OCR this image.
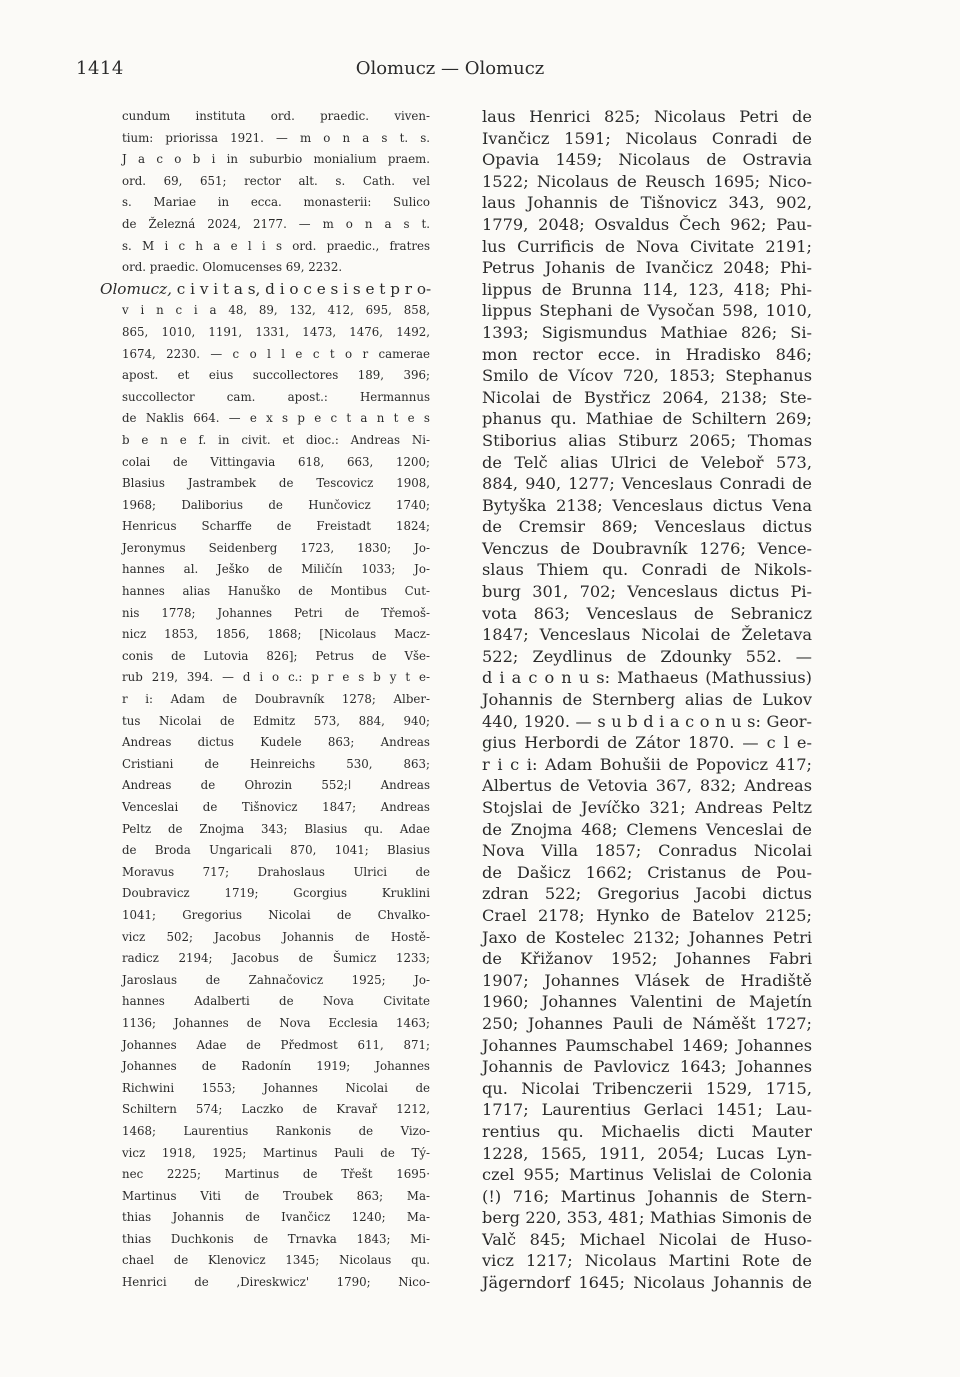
1414	Olomucz — Olomucz
cundum instituta ord. praedic. viven-
tium: priorissa 1921. — m o n a s t. s.
J a c o b i in suburbio monialium praem.
ord. 69, 651; rector alt. s. Cath. vel
s. Mariae in ecca. monasterii: Sulico
de Železná 2024, 2177. — m o n a s t.
s. M i c h a e l i s ord. praedic., fratres
ord. praedic. Olomucenses 69, 2232.
Olomucz, c i v i t a s, d i o c e s i s e t p r o-
v i n c i a 48, 89, 132, 412, 695, 858,
865, 1010, 1191, 1331, 1473, 1476, 1492,
1674, 2230. — c o l l e c t o r camerae
apost. et eius succollectores 189, 396;
succollector cam. apost.: Hermannus
de Naklis 664. — e x s p e c t a n t e s
b e n e f. in civit. et dioc.: Andreas Ni-
colai de Vittingavia 618, 663, 1200;
Blasius Jastrambek de Tescovicz 1908,
1968; Daliborius de Hunčovicz 1740;
Henricus Scharffe de Freistadt 1824;
Jeronymus Seidenberg 1723, 1830; Jo-
hannes al. Ješko de Miličín 1033; Jo-
hannes alias Hanuško de Montibus Cut-
nis 1778; Johannes Petri de Třemoš-
nicz 1853, 1856, 1868; [Nicolaus Macz-
conis de Lutovia 826]; Petrus de Vše-
rub 219, 394. — d i o c.: p r e s b y t e-
r i: Adam de Doubravník 1278; Alber-
tus Nicolai de Edmitz 573, 884, 940;
Andreas dictus Kudele 863; Andreas
Cristiani de Heinreichs 530, 863;
Andreas de Ohrozin 552;ǀ Andreas
Venceslai de Tišnovicz 1847; Andreas
Peltz de Znojma 343; Blasius qu. Adae
de Broda Ungaricali 870, 1041; Blasius
Moravus 717; Drahoslaus Ulrici de
Doubravicz 1719; Gcorgius Kruklini
1041; Gregorius Nicolai de Chvalko-
vicz 502; Jacobus Johannis de Hostě-
radicz 2194; Jacobus de Šumicz 1233;
Jaroslaus de Zahnačovicz 1925; Jo-
hannes Adalberti de Nova Civitate
1136; Johannes de Nova Ecclesia 1463;
Johannes Adae de Předmost 611, 871;
Johannes de Radonín 1919; Johannes
Richwini 1553; Johannes Nicolai de
Schiltern 574; Laczko de Kravař 1212,
1468; Laurentius Rankonis de Vizo-
vicz 1918, 1925; Martinus Pauli de Tý-
nec 2225; Martinus de Třešt 1695·
Martinus Viti de Troubek 863; Ma-
thias Johannis de Ivančicz 1240; Ma-
thias Duchkonis de Trnavka 1843; Mi-
chael de Klenovicz 1345; Nicolaus qu.
Henrici de ‚Direskwicz' 1790; Nico-
laus Henrici 825; Nicolaus Petri de
Ivančicz 1591; Nicolaus Conradi de
Opavia 1459; Nicolaus de Ostravia
1522; Nicolaus de Reusch 1695; Nico-
laus Johannis de Tišnovicz 343, 902,
1779, 2048; Osvaldus Čech 962; Pau-
lus Currificis de Nova Civitate 2191;
Petrus Johanis de Ivančicz 2048; Phi-
lippus de Brunna 114, 123, 418; Phi-
lippus Stephani de Vysočan 598, 1010,
1393; Sigismundus Mathiae 826; Si-
mon rector ecce. in Hradisko 846;
Smilo de Vícov 720, 1853; Stephanus
Nicolai de Bystřicz 2064, 2138; Ste-
phanus qu. Mathiae de Schiltern 269;
Stiborius alias Stiburz 2065; Thomas
de Telč alias Ulrici de Veleboř 573,
884, 940, 1277; Venceslaus Conradi de
Bytyška 2138; Venceslaus dictus Vena
de Cremsir 869; Venceslaus dictus
Venczus de Doubravník 1276; Vence-
slaus Thiem qu. Conradi de Nikols-
burg 301, 702; Venceslaus dictus Pi-
vota 863; Venceslaus de Sebranicz
1847; Venceslaus Nicolai de Želetava
522; Zeydlinus de Zdounky 552. —
d i a c o n u s: Mathaeus (Mathussius)
Johannis de Sternberg alias de Lukov
440, 1920. — s u b d i a c o n u s: Geor-
gius Herbordi de Zátor 1870. — c l e-
r i c i: Adam Bohušii de Popovicz 417;
Albertus de Vetovia 367, 832; Andreas
Stojslai de Jevíčko 321; Andreas Peltz
de Znojma 468; Clemens Venceslai de
Nova Villa 1857; Conradus Nicolai
de Dašicz 1662; Cristanus de Pou-
zdran 522; Gregorius Jacobi dictus
Crael 2178; Hynko de Batelov 2125;
Jaxo de Kostelec 2132; Johannes Petri
de Křižanov 1952; Johannes Fabri
1907; Johannes Vlásek de Hradiště
1960; Johannes Valentini de Majetín
250; Johannes Pauli de Náměšt 1727;
Johannes Paumschabel 1469; Johannes
Johannis de Pavlovicz 1643; Johannes
qu. Nicolai Tribenczerii 1529, 1715,
1717; Laurentius Gerlaci 1451; Lau-
rentius qu. Michaelis dicti Mauter
1228, 1565, 1911, 2054; Lucas Lyn-
czel 955; Martinus Velislai de Colonia
(!) 716; Martinus Johannis de Stern-
berg 220, 353, 481; Mathias Simonis de
Valč 845; Michael Nicolai de Huso-
vicz 1217; Nicolaus Martini Rote de
Jägerndorf 1645; Nicolaus Johannis de
